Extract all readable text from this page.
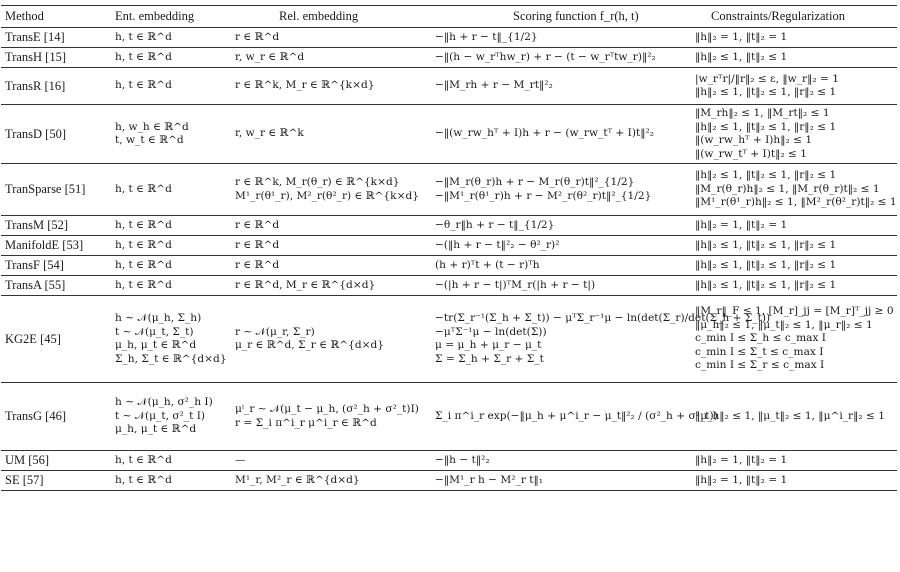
Method	Ent. embedding	Rel. embedding	Scoring function f_r(h, t)	Constraints/Regularization
TransE [14]	h, t ∈ ℝ^d	r ∈ ℝ^d	−‖h + r − t‖_{1/2}	‖h‖₂ = 1, ‖t‖₂ = 1

TransH [15]	h, t ∈ ℝ^d	r, w_r ∈ ℝ^d	−‖(h − w_rᵀhw_r) + r − (t − w_rᵀtw_r)‖²₂	‖h‖₂ ≤ 1, ‖t‖₂ ≤ 1

TransR [16]	h, t ∈ ℝ^d	r ∈ ℝ^k, M_r ∈ ℝ^{k×d}	−‖M_rh + r − M_rt‖²₂	|w_rᵀr|/‖r‖₂ ≤ ε, ‖w_r‖₂ = 1
‖h‖₂ ≤ 1, ‖t‖₂ ≤ 1, ‖r‖₂ ≤ 1

TransD [50]	h, w_h ∈ ℝ^d
t, w_t ∈ ℝ^d	r, w_r ∈ ℝ^k	−‖(w_rw_hᵀ + I)h + r − (w_rw_tᵀ + I)t‖²₂	‖M_rh‖₂ ≤ 1, ‖M_rt‖₂ ≤ 1
‖h‖₂ ≤ 1, ‖t‖₂ ≤ 1, ‖r‖₂ ≤ 1
‖(w_rw_hᵀ + I)h‖₂ ≤ 1
‖(w_rw_tᵀ + I)t‖₂ ≤ 1

TranSparse [51]	h, t ∈ ℝ^d	r ∈ ℝ^k, M_r(θ_r) ∈ ℝ^{k×d}
M¹_r(θ¹_r), M²_r(θ²_r) ∈ ℝ^{k×d}	−‖M_r(θ_r)h + r − M_r(θ_r)t‖²_{1/2}
−‖M¹_r(θ¹_r)h + r − M²_r(θ²_r)t‖²_{1/2}	‖h‖₂ ≤ 1, ‖t‖₂ ≤ 1, ‖r‖₂ ≤ 1
‖M_r(θ_r)h‖₂ ≤ 1, ‖M_r(θ_r)t‖₂ ≤ 1
‖M¹_r(θ¹_r)h‖₂ ≤ 1, ‖M²_r(θ²_r)t‖₂ ≤ 1

TransM [52]	h, t ∈ ℝ^d	r ∈ ℝ^d	−θ_r‖h + r − t‖_{1/2}	‖h‖₂ = 1, ‖t‖₂ = 1

ManifoldE [53]	h, t ∈ ℝ^d	r ∈ ℝ^d	−(‖h + r − t‖²₂ − θ²_r)²	‖h‖₂ ≤ 1, ‖t‖₂ ≤ 1, ‖r‖₂ ≤ 1

TransF [54]	h, t ∈ ℝ^d	r ∈ ℝ^d	(h + r)ᵀt + (t − r)ᵀh	‖h‖₂ ≤ 1, ‖t‖₂ ≤ 1, ‖r‖₂ ≤ 1

TransA [55]	h, t ∈ ℝ^d	r ∈ ℝ^d, M_r ∈ ℝ^{d×d}	−(|h + r − t|)ᵀM_r(|h + r − t|)	‖h‖₂ ≤ 1, ‖t‖₂ ≤ 1, ‖r‖₂ ≤ 1

KG2E [45]	h ∼ 𝒩(μ_h, Σ_h)
t ∼ 𝒩(μ_t, Σ_t)
μ_h, μ_t ∈ ℝ^d
Σ_h, Σ_t ∈ ℝ^{d×d}	r ∼ 𝒩(μ_r, Σ_r)
μ_r ∈ ℝ^d, Σ_r ∈ ℝ^{d×d}	−tr(Σ_r⁻¹(Σ_h + Σ_t)) − μᵀΣ_r⁻¹μ − ln(det(Σ_r)/det(Σ_h + Σ_t))
−μᵀΣ⁻¹μ − ln(det(Σ))
μ = μ_h + μ_r − μ_t
Σ = Σ_h + Σ_r + Σ_t	‖M_r‖_F ≤ 1, [M_r]_jj = [M_r]ᵀ_jj ≥ 0
‖μ_h‖₂ ≤ 1, ‖μ_t‖₂ ≤ 1, ‖μ_r‖₂ ≤ 1
c_min I ≤ Σ_h ≤ c_max I
c_min I ≤ Σ_t ≤ c_max I
c_min I ≤ Σ_r ≤ c_max I

TransG [46]	h ∼ 𝒩(μ_h, σ²_h I)
t ∼ 𝒩(μ_t, σ²_t I)
μ_h, μ_t ∈ ℝ^d	μⁱ_r ∼ 𝒩(μ_t − μ_h, (σ²_h + σ²_t)I)
r = Σ_i π^i_r μ^i_r ∈ ℝ^d	Σ_i π^i_r exp(−‖μ_h + μ^i_r − μ_t‖²₂ / (σ²_h + σ²_t))	‖μ_h‖₂ ≤ 1, ‖μ_t‖₂ ≤ 1, ‖μ^i_r‖₂ ≤ 1

UM [56]	h, t ∈ ℝ^d	—	−‖h − t‖²₂	‖h‖₂ = 1, ‖t‖₂ = 1

SE [57]	h, t ∈ ℝ^d	M¹_r, M²_r ∈ ℝ^{d×d}	−‖M¹_r h − M²_r t‖₁	‖h‖₂ = 1, ‖t‖₂ = 1
